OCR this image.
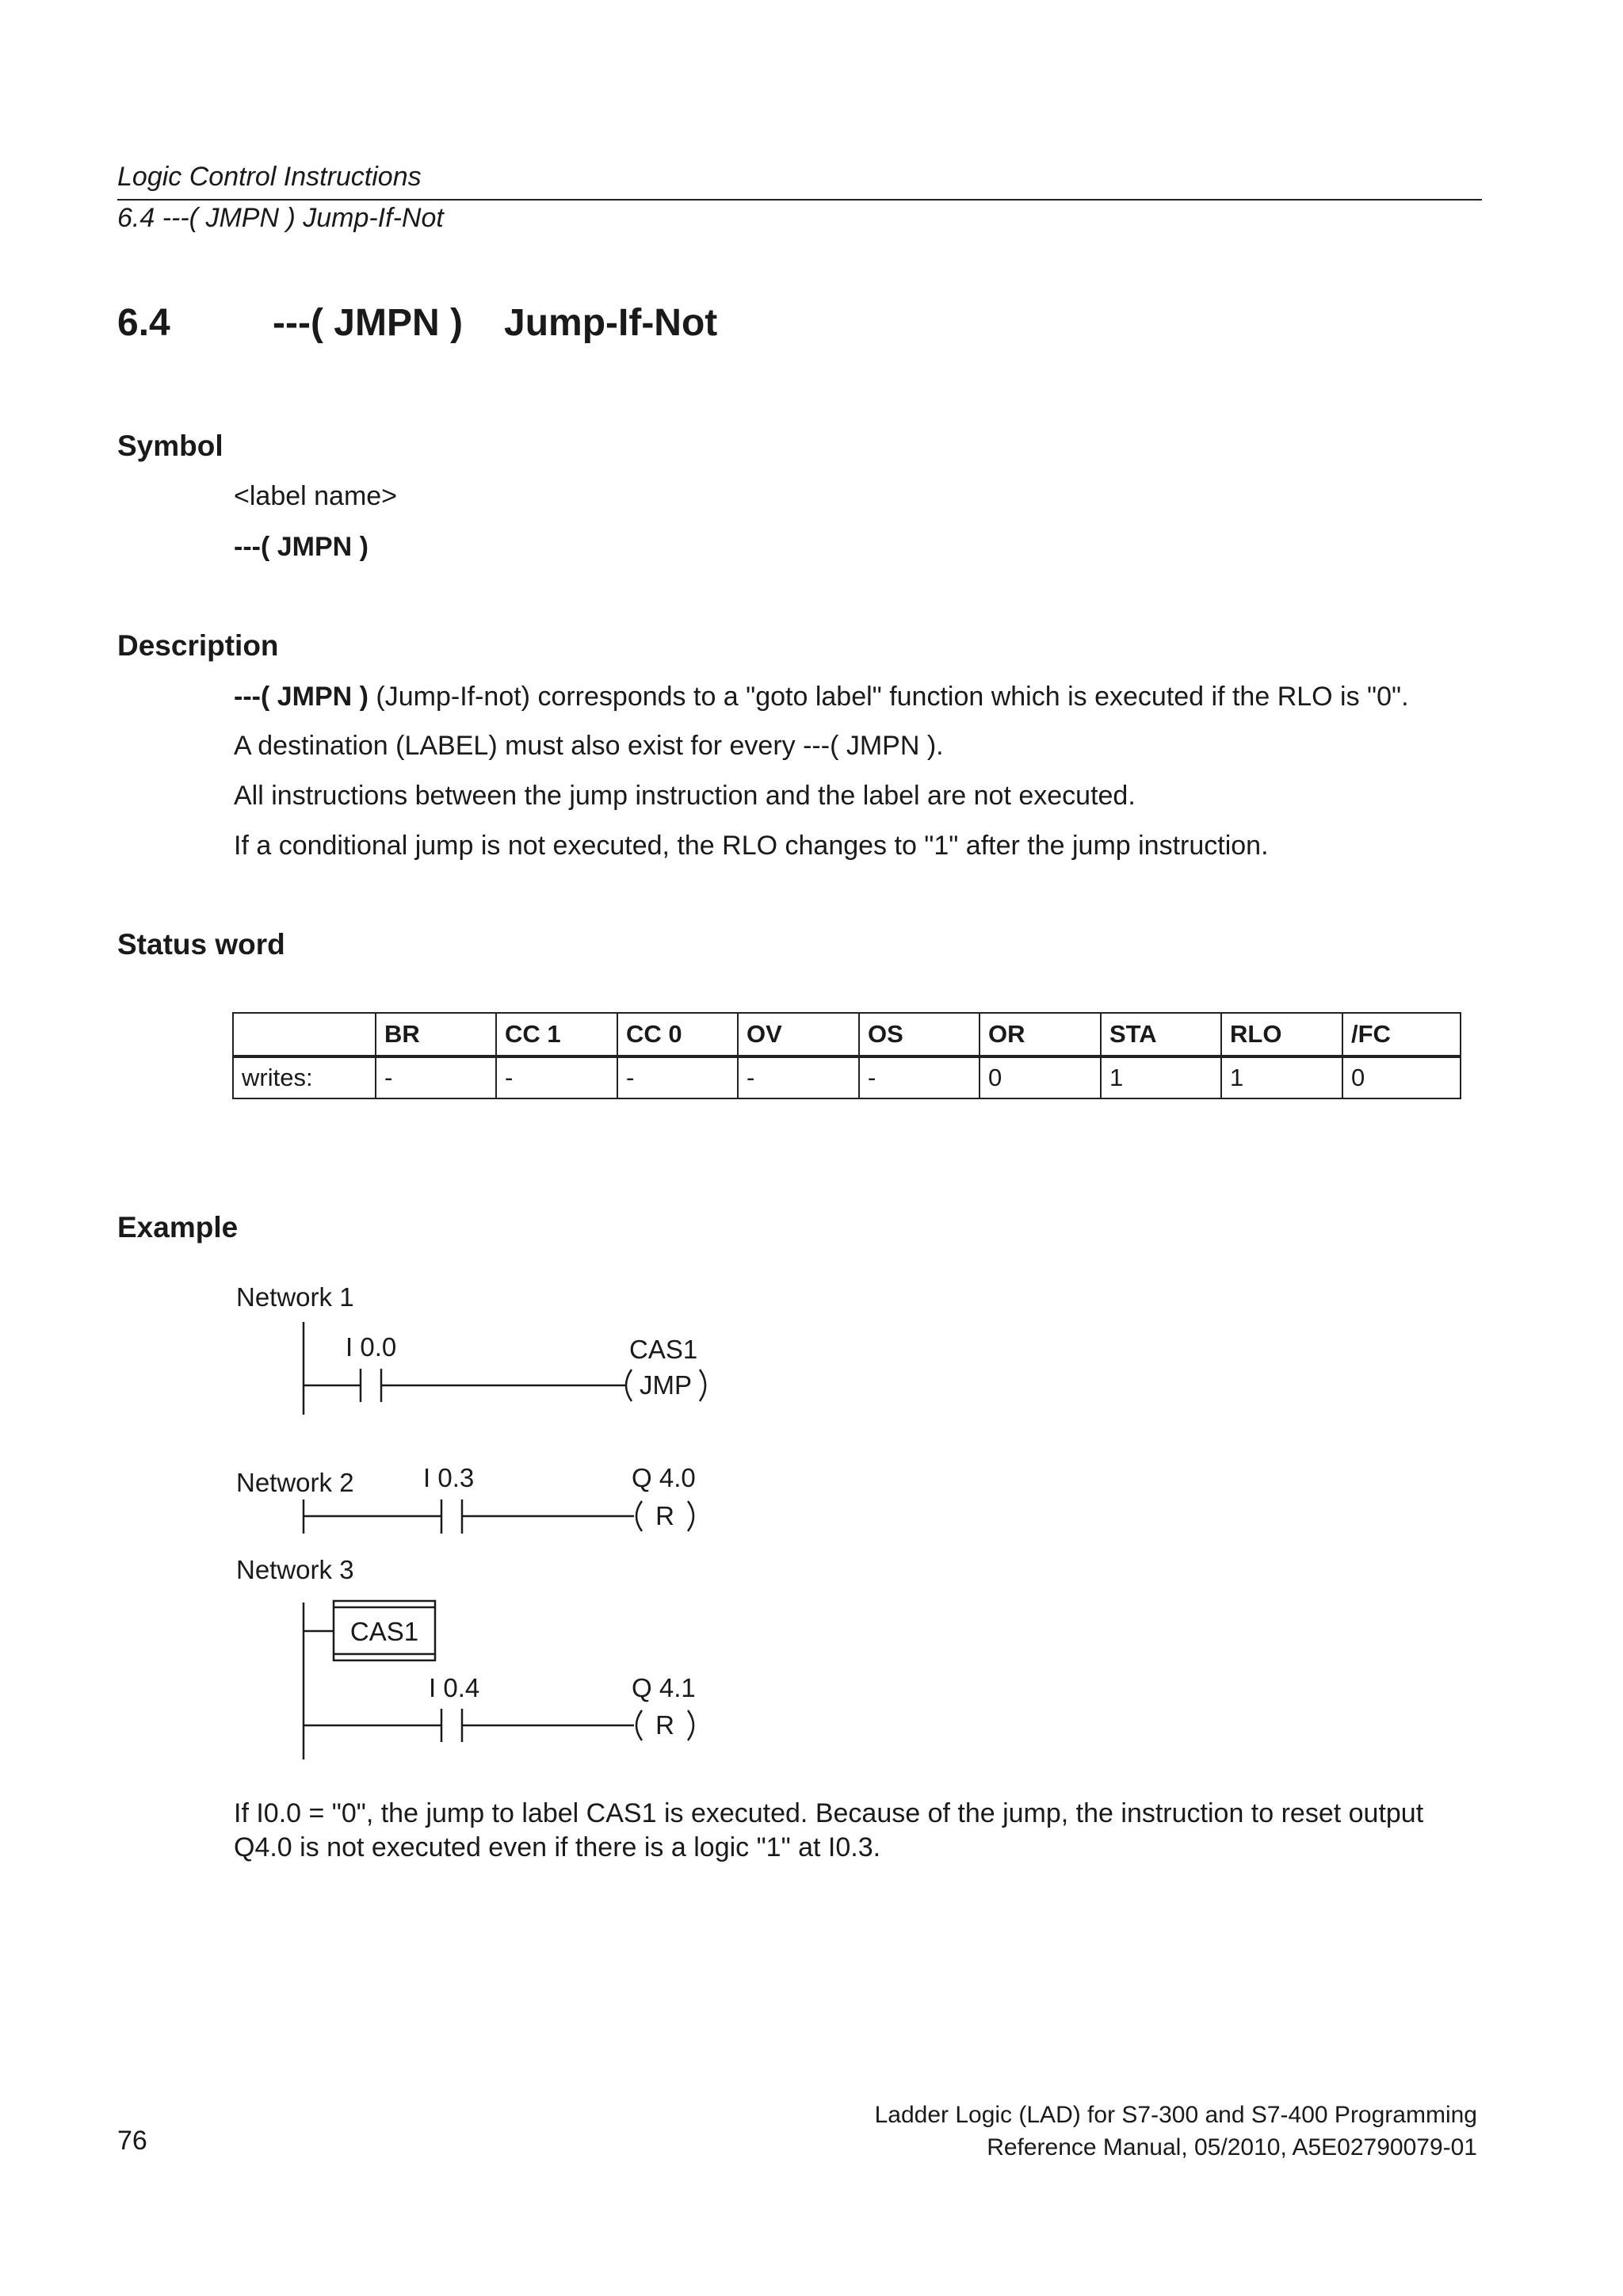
Logic Control Instructions
6.4 ---( JMPN ) Jump-If-Not
6.4	---( JMPN ) Jump-If-Not
Symbol
<label name>
---( JMPN )
Description
---( JMPN ) (Jump-If-not) corresponds to a "goto label" function which is executed if the RLO is "0".
A destination (LABEL) must also exist for every ---( JMPN ).
All instructions between the jump instruction and the label are not executed.
If a conditional jump is not executed, the RLO changes to "1" after the jump instruction.
Status word
	BR	CC 1	CC 0	OV	OS	OR	STA	RLO	/FC
writes:	-	-	-	-	-	0	1	1	0
Example
Network 1
I 0.0	CAS1
JMP
Network 2	I 0.3	Q 4.0
R
Network 3
CAS1
I 0.4	Q 4.1
R
If I0.0 = "0", the jump to label CAS1 is executed. Because of the jump, the instruction to reset output
Q4.0 is not executed even if there is a logic "1" at I0.3.
76
Ladder Logic (LAD) for S7-300 and S7-400 Programming
Reference Manual, 05/2010, A5E02790079-01
